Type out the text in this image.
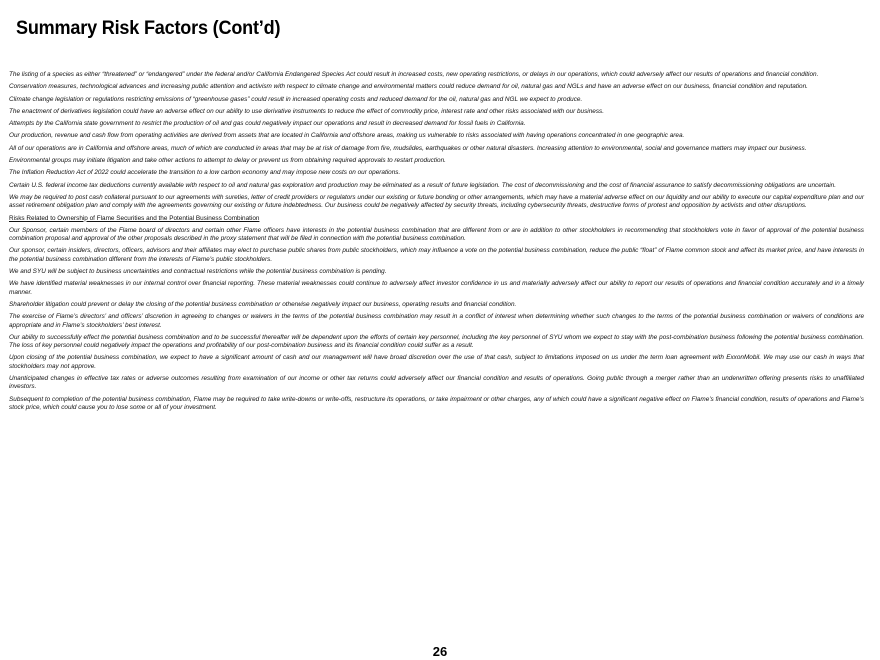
Summary Risk Factors (Cont’d)

The listing of a species as either “threatened” or “endangered” under the federal and/or California Endangered Species Act could result in increased costs, new operating restrictions, or delays in our operations, which could adversely affect our results of operations and financial condition.

Conservation measures, technological advances and increasing public attention and activism with respect to climate change and environmental matters could reduce demand for oil, natural gas and NGLs and have an adverse effect on our business, financial condition and reputation.

Climate change legislation or regulations restricting emissions of “greenhouse gases” could result in increased operating costs and reduced demand for the oil, natural gas and NGL we expect to produce.

The enactment of derivatives legislation could have an adverse effect on our ability to use derivative instruments to reduce the effect of commodity price, interest rate and other risks associated with our business.

Attempts by the California state government to restrict the production of oil and gas could negatively impact our operations and result in decreased demand for fossil fuels in California.

Our production, revenue and cash flow from operating activities are derived from assets that are located in California and offshore areas, making us vulnerable to risks associated with having operations concentrated in one geographic area.

All of our operations are in California and offshore areas, much of which are conducted in areas that may be at risk of damage from fire, mudslides, earthquakes or other natural disasters. Increasing attention to environmental, social and governance matters may impact our business.

Environmental groups may initiate litigation and take other actions to attempt to delay or prevent us from obtaining required approvals to restart production.

The Inflation Reduction Act of 2022 could accelerate the transition to a low carbon economy and may impose new costs on our operations.

Certain U.S. federal income tax deductions currently available with respect to oil and natural gas exploration and production may be eliminated as a result of future legislation. The cost of decommissioning and the cost of financial assurance to satisfy decommissioning obligations are uncertain.

We may be required to post cash collateral pursuant to our agreements with sureties, letter of credit providers or regulators under our existing or future bonding or other arrangements, which may have a material adverse effect on our liquidity and our ability to execute our capital expenditure plan and our asset retirement obligation plan and comply with the agreements governing our existing or future indebtedness. Our business could be negatively affected by security threats, including cybersecurity threats, destructive forms of protest and opposition by activists and other disruptions.

Risks Related to Ownership of Flame Securities and the Potential Business Combination

Our Sponsor, certain members of the Flame board of directors and certain other Flame officers have interests in the potential business combination that are different from or are in addition to other stockholders in recommending that stockholders vote in favor of approval of the potential business combination proposal and approval of the other proposals described in the proxy statement that will be filed in connection with the potential business combination.

Our sponsor, certain insiders, directors, officers, advisors and their affiliates may elect to purchase public shares from public stockholders, which may influence a vote on the potential business combination, reduce the public “float” of Flame common stock and affect its market price, and have interests in the potential business combination different from the interests of Flame’s public stockholders.

We and SYU will be subject to business uncertainties and contractual restrictions while the potential business combination is pending.

We have identified material weaknesses in our internal control over financial reporting. These material weaknesses could continue to adversely affect investor confidence in us and materially adversely affect our ability to report our results of operations and financial condition accurately and in a timely manner.

Shareholder litigation could prevent or delay the closing of the potential business combination or otherwise negatively impact our business, operating results and financial condition.

The exercise of Flame’s directors’ and officers’ discretion in agreeing to changes or waivers in the terms of the potential business combination may result in a conflict of interest when determining whether such changes to the terms of the potential business combination or waivers of conditions are appropriate and in Flame’s stockholders’ best interest.

Our ability to successfully effect the potential business combination and to be successful thereafter will be dependent upon the efforts of certain key personnel, including the key personnel of SYU whom we expect to stay with the post-combination business following the potential business combination. The loss of key personnel could negatively impact the operations and profitability of our post-combination business and its financial condition could suffer as a result.

Upon closing of the potential business combination, we expect to have a significant amount of cash and our management will have broad discretion over the use of that cash, subject to limitations imposed on us under the term loan agreement with ExxonMobil. We may use our cash in ways that stockholders may not approve.

Unanticipated changes in effective tax rates or adverse outcomes resulting from examination of our income or other tax returns could adversely affect our financial condition and results of operations. Going public through a merger rather than an underwritten offering presents risks to unaffiliated investors.

Subsequent to completion of the potential business combination, Flame may be required to take write-downs or write-offs, restructure its operations, or take impairment or other charges, any of which could have a significant negative effect on Flame’s financial condition, results of operations and Flame’s stock price, which could cause you to lose some or all of your investment.

26
